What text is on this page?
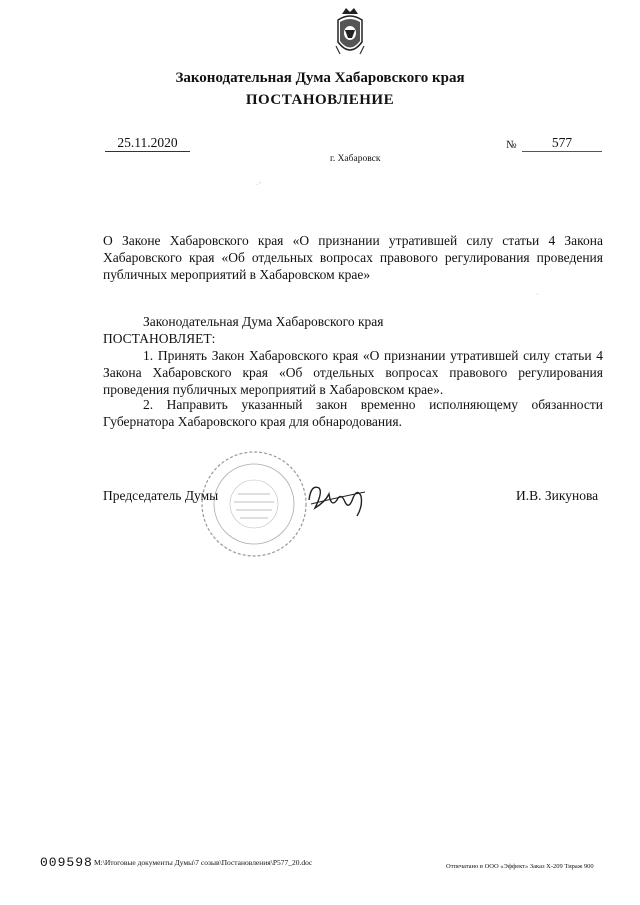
Законодательная Дума Хабаровского края
ПОСТАНОВЛЕНИЕ
25.11.2020	№	577
г. Хабаровск
· '
·
О Законе Хабаровского края «О признании утратившей силу статьи 4 Закона Хабаровского края «Об отдельных вопросах правового регулирования проведения публичных мероприятий в Хабаровском крае»
Законодательная Дума Хабаровского края
ПОСТАНОВЛЯЕТ:
1. Принять Закон Хабаровского края «О признании утратившей силу статьи 4 Закона Хабаровского края «Об отдельных вопросах правового регулирования проведения публичных мероприятий в Хабаровском крае».
2. Направить указанный закон временно исполняющему обязанности Губернатора Хабаровского края для обнародования.
Председатель Думы	И.В. Зикунова
009598 М:\Итоговые документы Думы\7 созыв\Постановления\Р577_20.doc	Отпечатано в ООО «Эффект» Заказ Х-209 Тираж 900
